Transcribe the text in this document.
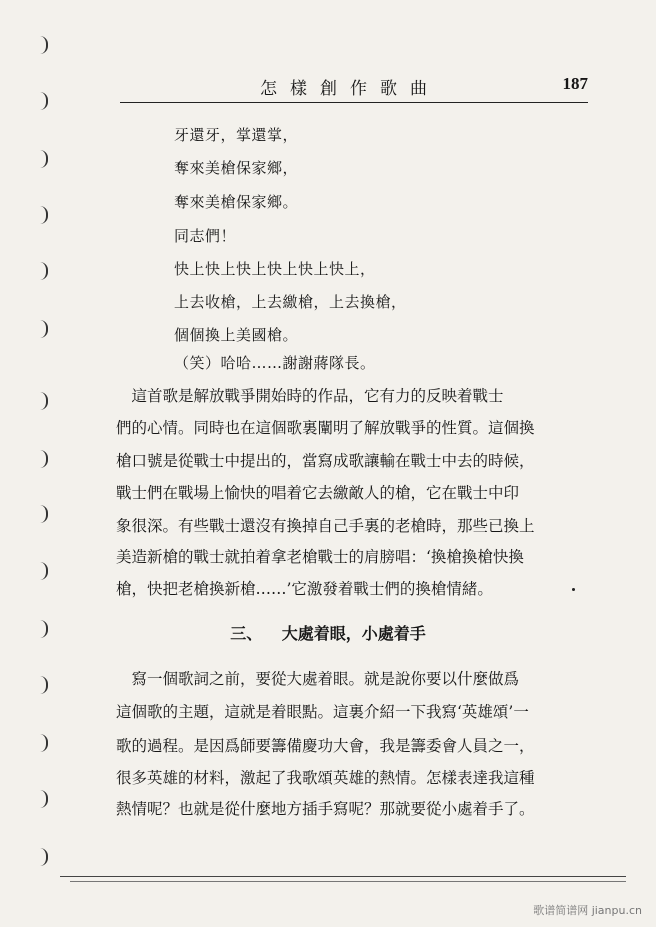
怎樣創作歌曲	187

牙還牙，掌還掌，

奪來美槍保家鄉，

奪來美槍保家鄉。

同志們！

快上快上快上快上快上快上，

上去收槍，上去繳槍，上去換槍，

個個換上美國槍。

（笑）哈哈……謝謝蔣隊長。

　這首歌是解放戰爭開始時的作品，它有力的反映着戰士

們的心情。同時也在這個歌裏闡明了解放戰爭的性質。這個換

槍口號是從戰士中提出的，當寫成歌讓輸在戰士中去的時候，

戰士們在戰場上愉快的唱着它去繳敵人的槍，它在戰士中印

象很深。有些戰士還沒有換掉自己手裏的老槍時，那些已換上

美造新槍的戰士就拍着拿老槍戰士的肩膀唱：‘換槍換槍快換

槍，快把老槍換新槍……’它激發着戰士們的換槍情緒。

三、 大處着眼，小處着手

　寫一個歌詞之前，要從大處着眼。就是說你要以什麼做爲

這個歌的主題，這就是着眼點。這裏介紹一下我寫‘英雄頌’一

歌的過程。是因爲師要籌備慶功大會，我是籌委會人員之一，

很多英雄的材料，激起了我歌頌英雄的熱情。怎樣表達我這種

熱情呢？也就是從什麼地方插手寫呢？那就要從小處着手了。

歌谱简谱网 jianpu.cn
